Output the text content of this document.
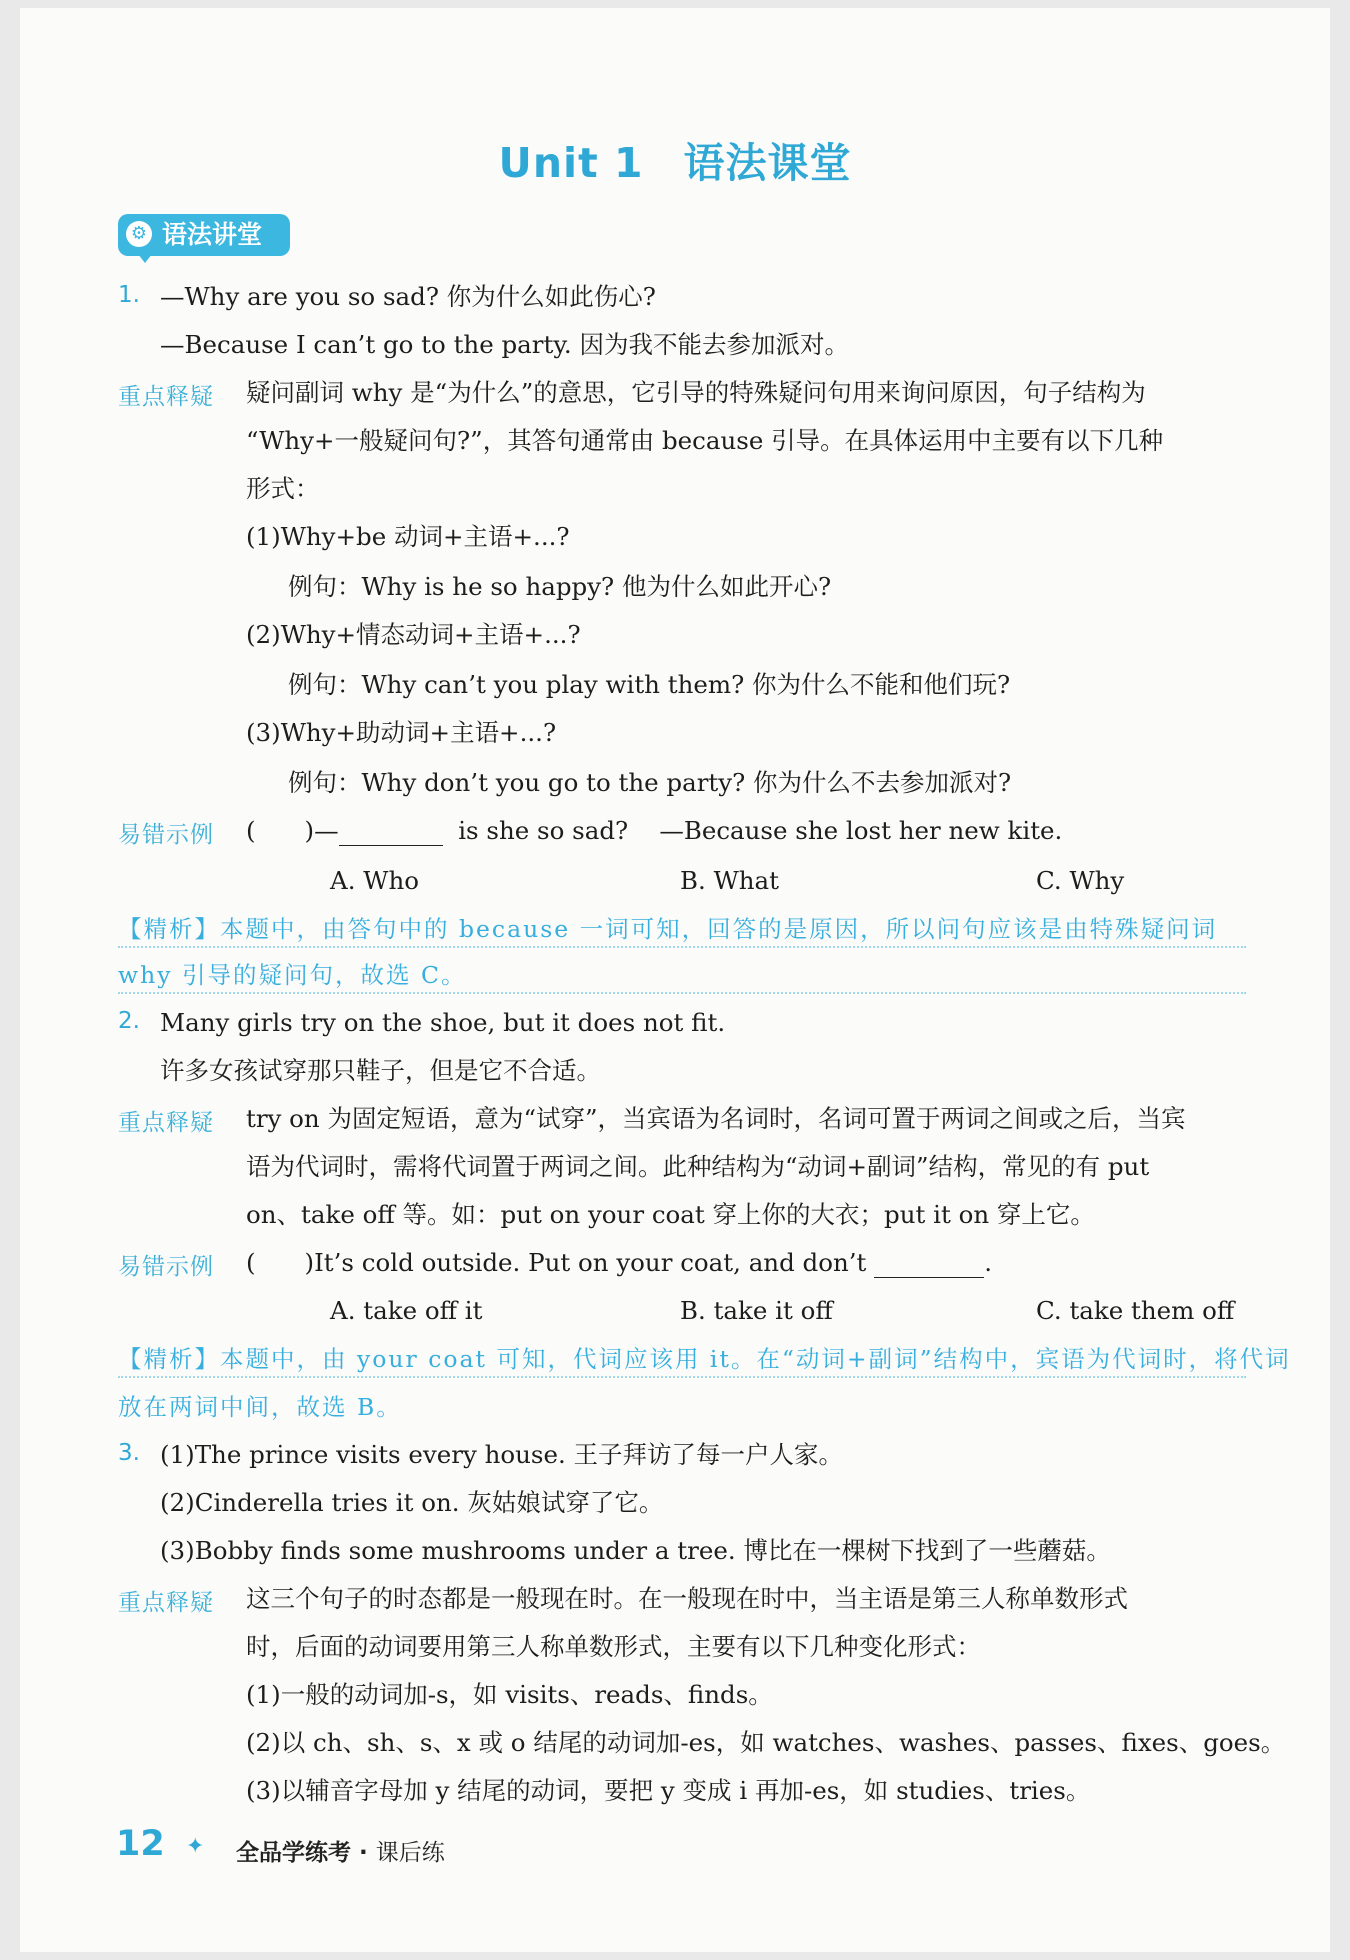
Unit 1 语法课堂
⚙ 语法讲堂
1. —Why are you so sad? 你为什么如此伤心?
—Because I can’t go to the party. 因为我不能去参加派对。
重点释疑 疑问副词 why 是“为什么”的意思，它引导的特殊疑问句用来询问原因，句子结构为
“Why+一般疑问句?”，其答句通常由 because 引导。在具体运用中主要有以下几种
形式：
(1)Why+be 动词+主语+...?
例句：Why is he so happy? 他为什么如此开心?
(2)Why+情态动词+主语+...?
例句：Why can’t you play with them? 你为什么不能和他们玩?
(3)Why+助动词+主语+...?
例句：Why don’t you go to the party? 你为什么不去参加派对?
易错示例 (　　)—	is she so sad? —Because she lost her new kite.
A. Who	B. What	C. Why
【精析】本题中，由答句中的 because 一词可知，回答的是原因，所以问句应该是由特殊疑问词
why 引导的疑问句，故选 C。
2. Many girls try on the shoe, but it does not fit.
许多女孩试穿那只鞋子，但是它不合适。
重点释疑 try on 为固定短语，意为“试穿”，当宾语为名词时，名词可置于两词之间或之后，当宾
语为代词时，需将代词置于两词之间。此种结构为“动词+副词”结构，常见的有 put
on、take off 等。如：put on your coat 穿上你的大衣；put it on 穿上它。
易错示例 (　　)It’s cold outside. Put on your coat, and don’t	.
A. take off it	B. take it off	C. take them off
【精析】本题中，由 your coat 可知，代词应该用 it。在“动词+副词”结构中，宾语为代词时，将代词
放在两词中间，故选 B。
3. (1)The prince visits every house. 王子拜访了每一户人家。
(2)Cinderella tries it on. 灰姑娘试穿了它。
(3)Bobby finds some mushrooms under a tree. 博比在一棵树下找到了一些蘑菇。
重点释疑 这三个句子的时态都是一般现在时。在一般现在时中，当主语是第三人称单数形式
时，后面的动词要用第三人称单数形式，主要有以下几种变化形式：
(1)一般的动词加-s，如 visits、reads、finds。
(2)以 ch、sh、s、x 或 o 结尾的动词加-es，如 watches、washes、passes、fixes、goes。
(3)以辅音字母加 y 结尾的动词，要把 y 变成 i 再加-es，如 studies、tries。
12 ✦ 全品学练考 · 课后练
